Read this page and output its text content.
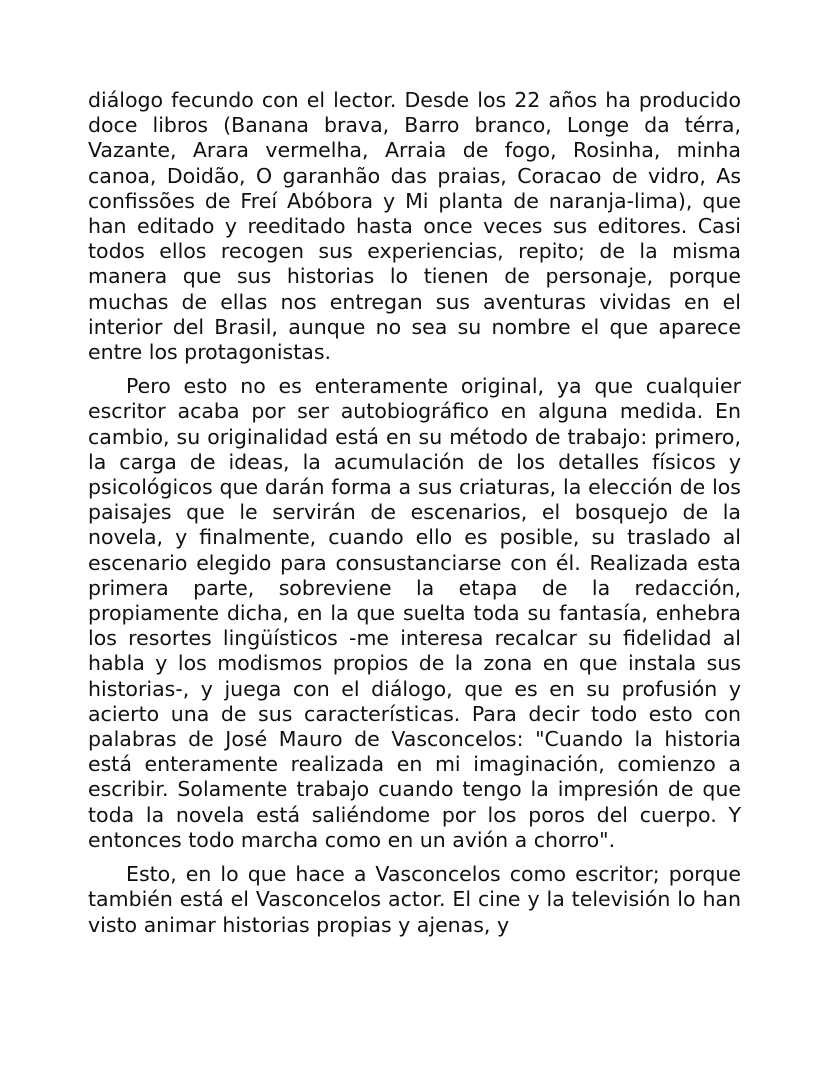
diálogo fecundo con el lector. Desde los 22 años ha producido doce libros (Banana brava, Barro branco, Longe da térra, Vazante, Arara vermelha, Arraia de fogo, Rosinha, minha canoa, Doidão, O garanhão das praias, Coracao de vidro, As confissões de Freí Abóbora y Mi planta de naranja-lima), que han editado y reeditado hasta once veces sus editores. Casi todos ellos recogen sus experiencias, repito; de la misma manera que sus historias lo tienen de personaje, porque muchas de ellas nos entregan sus aventuras vividas en el interior del Brasil, aunque no sea su nombre el que aparece entre los protagonistas.

Pero esto no es enteramente original, ya que cualquier escritor acaba por ser autobiográfico en alguna medida. En cambio, su originalidad está en su método de trabajo: primero, la carga de ideas, la acumulación de los detalles físicos y psicológicos que darán forma a sus criaturas, la elección de los paisajes que le servirán de escenarios, el bosquejo de la novela, y finalmente, cuando ello es posible, su traslado al escenario elegido para consustanciarse con él. Realizada esta primera parte, sobreviene la etapa de la redacción, propiamente dicha, en la que suelta toda su fantasía, enhebra los resortes lingüísticos -me interesa recalcar su fidelidad al habla y los modismos propios de la zona en que instala sus historias-, y juega con el diálogo, que es en su profusión y acierto una de sus características. Para decir todo esto con palabras de José Mauro de Vasconcelos: "Cuando la historia está enteramente realizada en mi imaginación, comienzo a escribir. Solamente trabajo cuando tengo la impresión de que toda la novela está saliéndome por los poros del cuerpo. Y entonces todo marcha como en un avión a chorro".

Esto, en lo que hace a Vasconcelos como escritor; porque también está el Vasconcelos actor. El cine y la televisión lo han visto animar historias propias y ajenas, y
